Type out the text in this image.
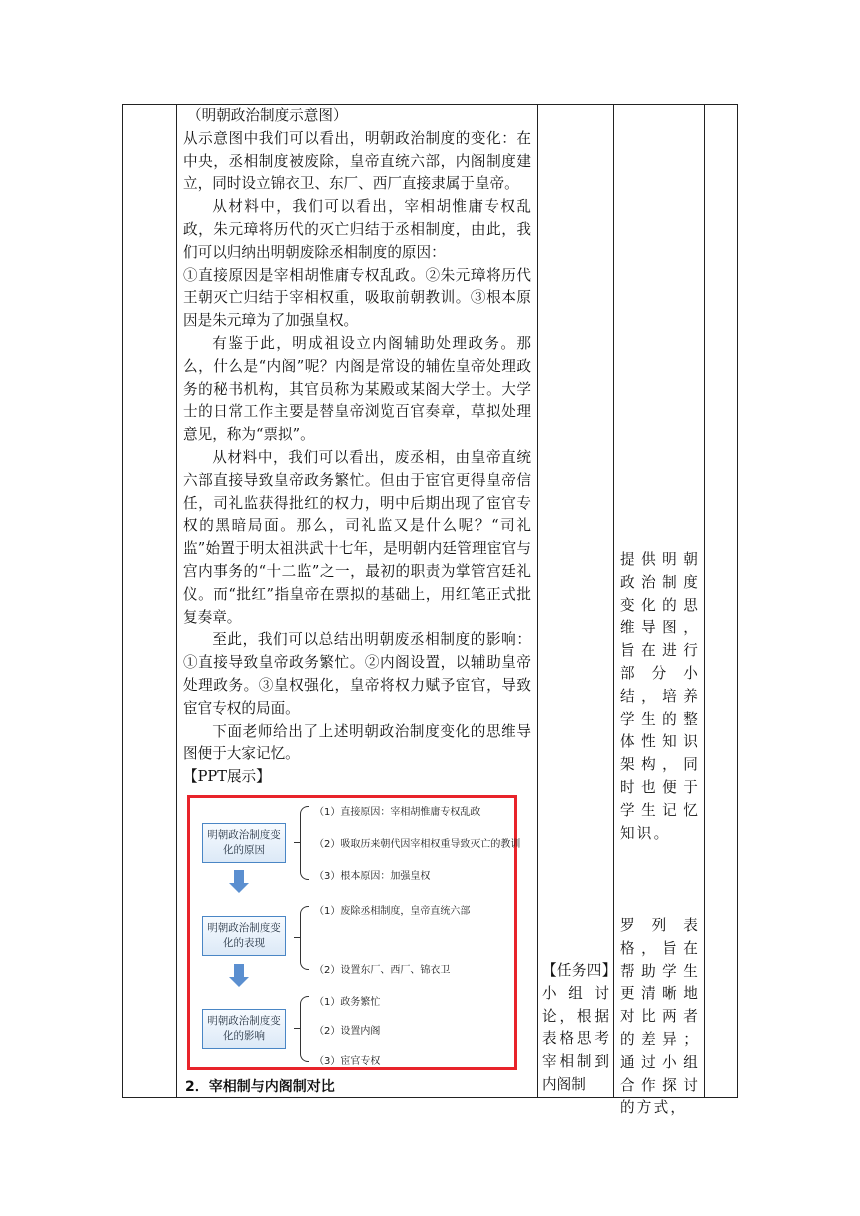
（明朝政治制度示意图）

从示意图中我们可以看出，明朝政治制度的变化：在中央，丞相制度被废除，皇帝直统六部，内阁制度建立，同时设立锦衣卫、东厂、西厂直接隶属于皇帝。

从材料中，我们可以看出，宰相胡惟庸专权乱政，朱元璋将历代的灭亡归结于丞相制度，由此，我们可以归纳出明朝废除丞相制度的原因：

①直接原因是宰相胡惟庸专权乱政。②朱元璋将历代王朝灭亡归结于宰相权重，吸取前朝教训。③根本原因是朱元璋为了加强皇权。

有鉴于此，明成祖设立内阁辅助处理政务。那么，什么是“内阁”呢？内阁是常设的辅佐皇帝处理政务的秘书机构，其官员称为某殿或某阁大学士。大学士的日常工作主要是替皇帝浏览百官奏章，草拟处理意见，称为“票拟”。

从材料中，我们可以看出，废丞相，由皇帝直统六部直接导致皇帝政务繁忙。但由于宦官更得皇帝信任，司礼监获得批红的权力，明中后期出现了宦官专权的黑暗局面。那么，司礼监又是什么呢？“司礼监”始置于明太祖洪武十七年，是明朝内廷管理宦官与宫内事务的“十二监”之一，最初的职责为掌管宫廷礼仪。而“批红”指皇帝在票拟的基础上，用红笔正式批复奏章。

至此，我们可以总结出明朝废丞相制度的影响：①直接导致皇帝政务繁忙。②内阁设置，以辅助皇帝处理政务。③皇权强化，皇帝将权力赋予宦官，导致宦官专权的局面。

下面老师给出了上述明朝政治制度变化的思维导图便于大家记忆。

【PPT展示】

明朝政治制度变化的原因
（1）直接原因：宰相胡惟庸专权乱政
（2）吸取历来朝代因宰相权重导致灭亡的教训
（3）根本原因：加强皇权
明朝政治制度变化的表现
（1）废除丞相制度，皇帝直统六部
（2）设置东厂、西厂、锦衣卫
明朝政治制度变化的影响
（1）政务繁忙
（2）设置内阁
（3）宦官专权
2．宰相制与内阁制对比

【任务四】小组讨论，根据表格思考宰相制到内阁制

提供明朝政治制度变化的思维导图，旨在进行部分小结，培养学生的整体性知识架构，同时也便于学生记忆知识。
罗列表格，旨在帮助学生更清晰地对比两者的差异；通过小组合作探讨的方式，
